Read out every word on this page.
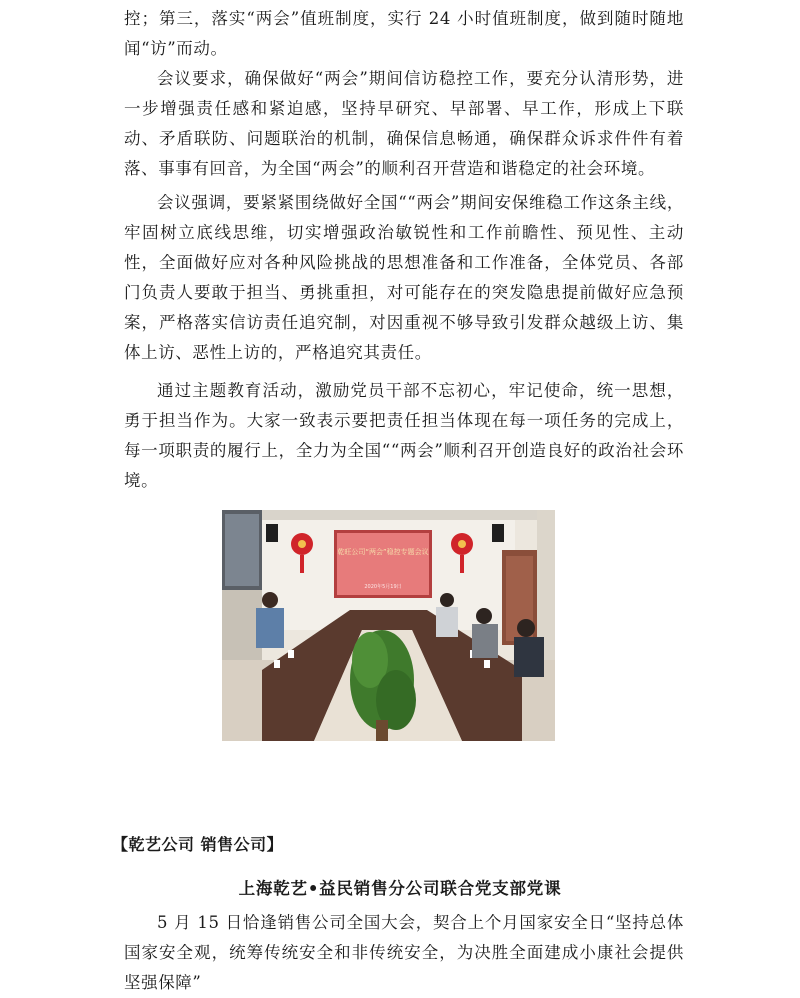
控；第三，落实“两会”值班制度，实行 24 小时值班制度，做到随时随地闻“访”而动。

会议要求，确保做好“两会”期间信访稳控工作，要充分认清形势，进一步增强责任感和紧迫感，坚持早研究、早部署、早工作，形成上下联动、矛盾联防、问题联治的机制，确保信息畅通，确保群众诉求件件有着落、事事有回音，为全国“两会”的顺利召开营造和谐稳定的社会环境。

会议强调，要紧紧围绕做好全国““两会”期间安保维稳工作这条主线，牢固树立底线思维，切实增强政治敏锐性和工作前瞻性、预见性、主动性，全面做好应对各种风险挑战的思想准备和工作准备，全体党员、各部门负责人要敢于担当、勇挑重担，对可能存在的突发隐患提前做好应急预案，严格落实信访责任追究制，对因重视不够导致引发群众越级上访、集体上访、恶性上访的，严格追究其责任。

通过主题教育活动，激励党员干部不忘初心，牢记使命，统一思想，勇于担当作为。大家一致表示要把责任担当体现在每一项任务的完成上，每一项职责的履行上，全力为全国““两会”顺利召开创造良好的政治社会环境。

乾旺公司“两会”稳控专题会议
2020年5月19日

【乾艺公司 销售公司】

上海乾艺•益民销售分公司联合党支部党课

5 月 15 日恰逢销售公司全国大会，契合上个月国家安全日“坚持总体国家安全观，统筹传统安全和非传统安全，为决胜全面建成小康社会提供坚强保障”
